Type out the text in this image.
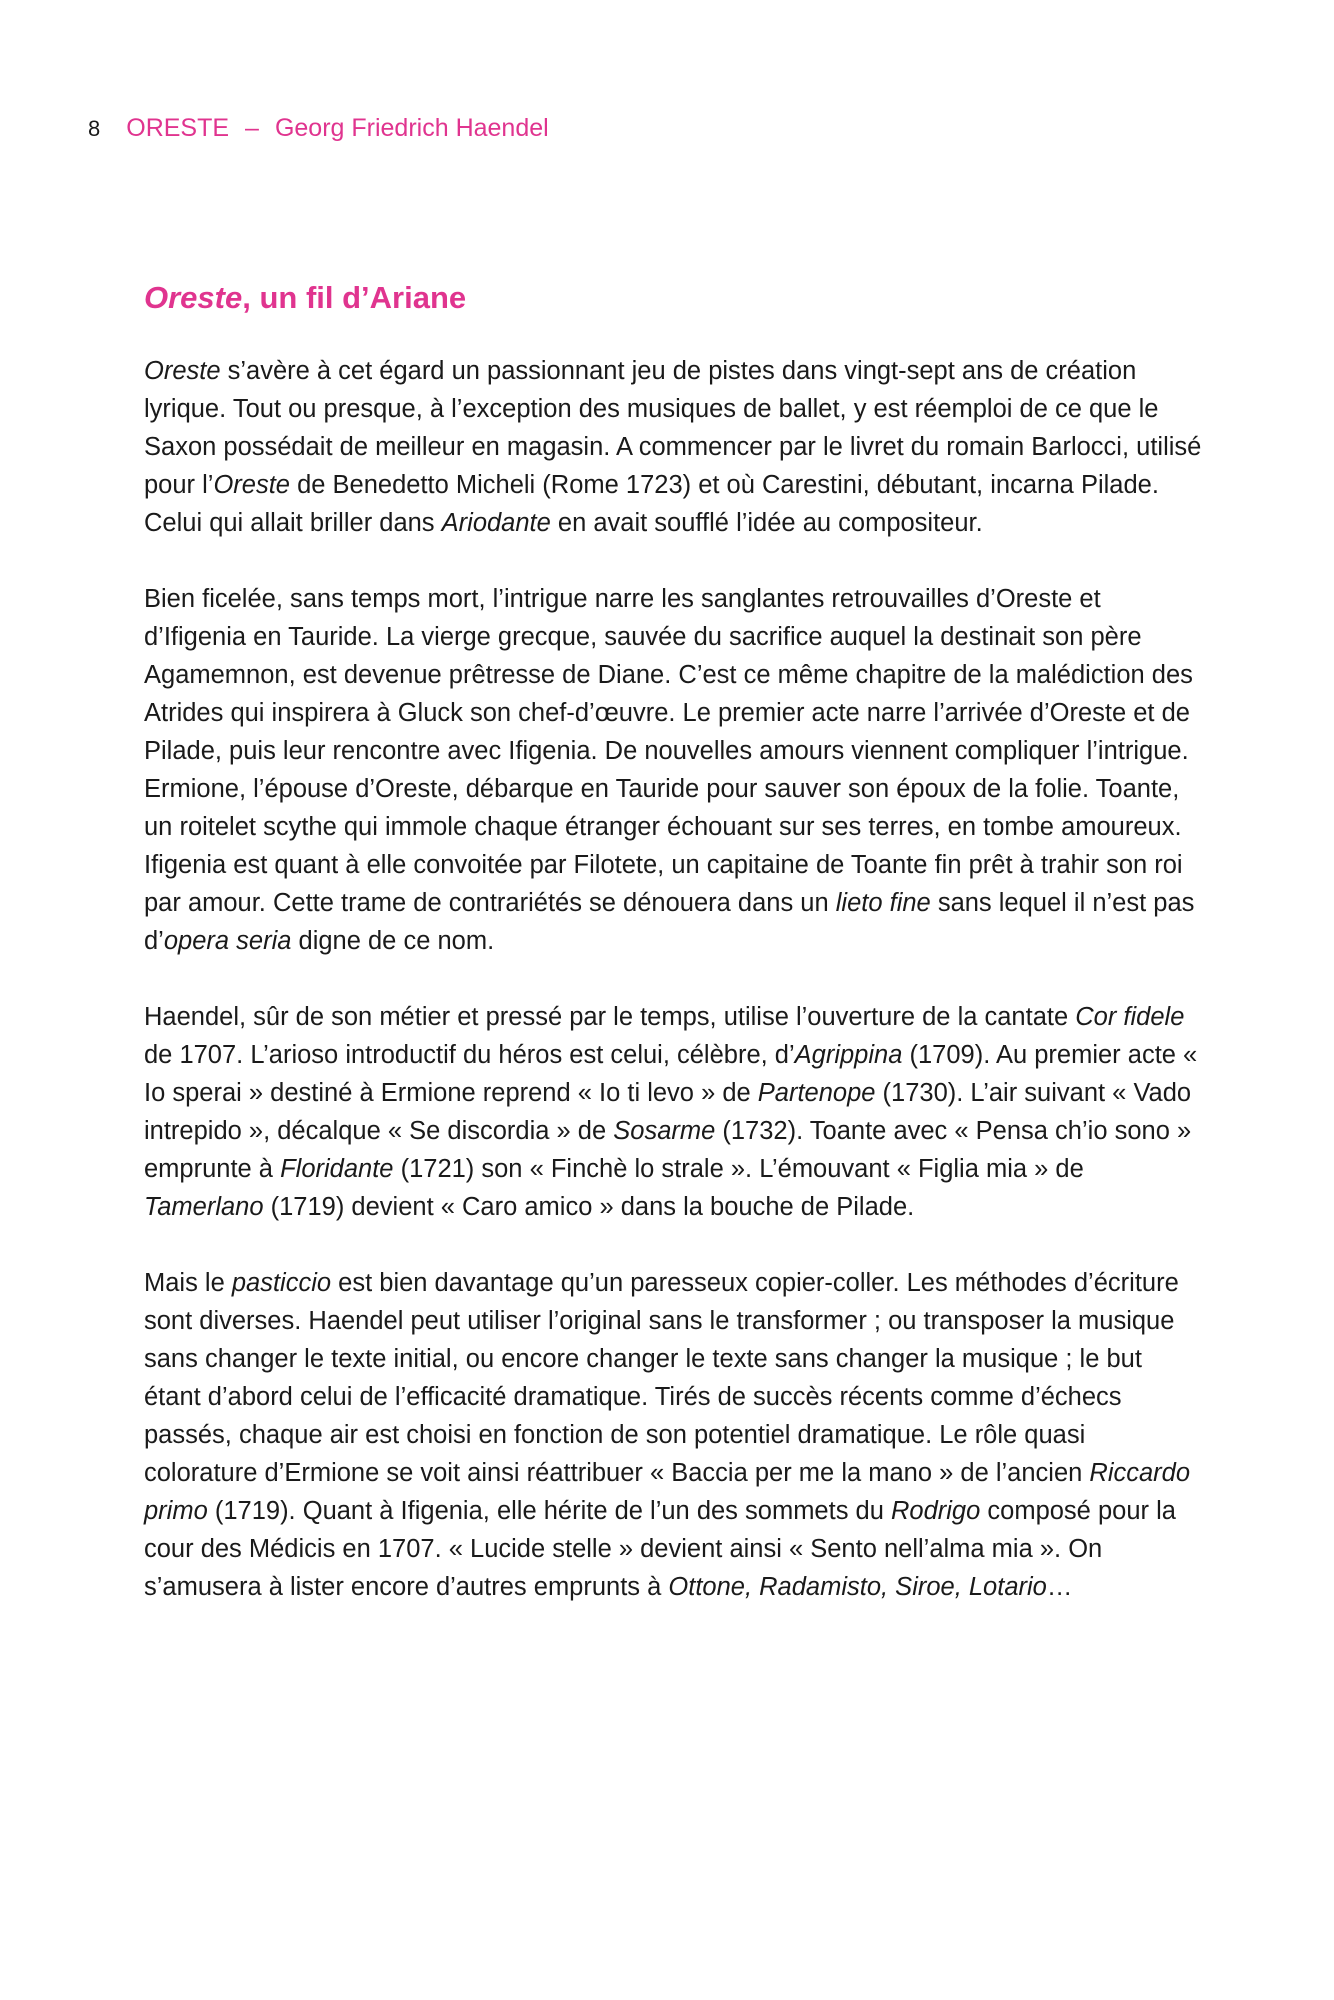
8 ORESTE – Georg Friedrich Haendel
Oreste, un fil d’Ariane

Oreste s’avère à cet égard un passionnant jeu de pistes dans vingt-sept ans de création lyrique. Tout ou presque, à l’exception des musiques de ballet, y est réemploi de ce que le Saxon possédait de meilleur en magasin. A commencer par le livret du romain Barlocci, utilisé pour l’Oreste de Benedetto Micheli (Rome 1723) et où Carestini, débutant, incarna Pilade. Celui qui allait briller dans Ariodante en avait soufflé l’idée au compositeur.

Bien ficelée, sans temps mort, l’intrigue narre les sanglantes retrouvailles d’Oreste et d’Ifigenia en Tauride. La vierge grecque, sauvée du sacrifice auquel la destinait son père Agamemnon, est devenue prêtresse de Diane. C’est ce même chapitre de la malédiction des Atrides qui inspirera à Gluck son chef-d’œuvre. Le premier acte narre l’arrivée d’Oreste et de Pilade, puis leur rencontre avec Ifigenia. De nouvelles amours viennent compliquer l’intrigue. Ermione, l’épouse d’Oreste, débarque en Tauride pour sauver son époux de la folie. Toante, un roitelet scythe qui immole chaque étranger échouant sur ses terres, en tombe amoureux. Ifigenia est quant à elle convoitée par Filotete, un capitaine de Toante fin prêt à trahir son roi par amour. Cette trame de contrariétés se dénouera dans un lieto fine sans lequel il n’est pas d’opera seria digne de ce nom.

Haendel, sûr de son métier et pressé par le temps, utilise l’ouverture de la cantate Cor fidele de 1707. L’arioso introductif du héros est celui, célèbre, d’Agrippina (1709). Au premier acte « Io sperai » destiné à Ermione reprend « Io ti levo » de Partenope (1730). L’air suivant « Vado intrepido », décalque « Se discordia » de Sosarme (1732). Toante avec « Pensa ch’io sono » emprunte à Floridante (1721) son « Finchè lo strale ». L’émouvant « Figlia mia » de Tamerlano (1719) devient « Caro amico » dans la bouche de Pilade.

Mais le pasticcio est bien davantage qu’un paresseux copier-coller. Les méthodes d’écriture sont diverses. Haendel peut utiliser l’original sans le transformer ; ou transposer la musique sans changer le texte initial, ou encore changer le texte sans changer la musique ; le but étant d’abord celui de l’efficacité dramatique. Tirés de succès récents comme d’échecs passés, chaque air est choisi en fonction de son potentiel dramatique. Le rôle quasi colorature d’Ermione se voit ainsi réattribuer « Baccia per me la mano » de l’ancien Riccardo primo (1719). Quant à Ifigenia, elle hérite de l’un des sommets du Rodrigo composé pour la cour des Médicis en 1707. « Lucide stelle » devient ainsi « Sento nell’alma mia ». On s’amusera à lister encore d’autres emprunts à Ottone, Radamisto, Siroe, Lotario…
